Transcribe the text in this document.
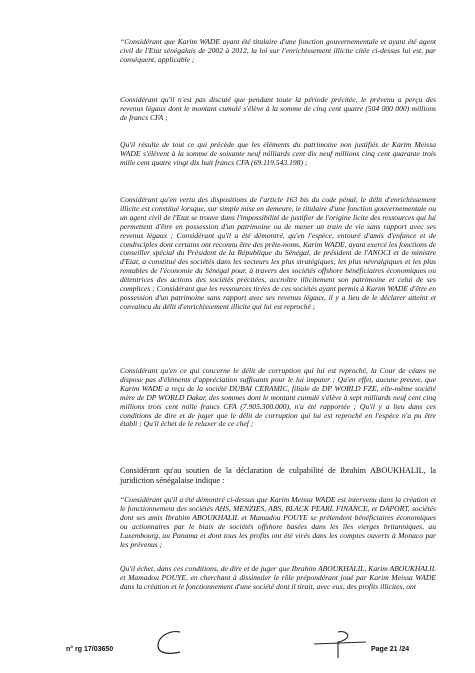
“Considérant que Karim WADE ayant été titulaire d'une fonction gouvernementale et ayant été agent civil de l'Etat sénégalais de 2002 à 2012, la loi sur l'enrichissement illicite citée ci-dessus lui est, par conséquent, applicable ;

Considérant qu'il n'est pas discuté que pendant toute la période précitée, le prévenu a perçu des revenus légaux dont le montant cumulé s'élève à la somme de cinq cent quatre (504 000 000) millions de francs CFA ;

Qu'il résulte de tout ce qui précède que les éléments du patrimoine non justifiés de Karim Meissa WADE s'élèvent à la somme de soixante neuf milliards cent dix neuf millions cinq cent quarante trois mille cent quatre vingt dix huit francs CFA (69.119.543.198) ;

Considérant qu'en vertu des dispositions de l'article 163 bis du code pénal, le délit d'enrichissement illicite est constitué lorsque, sur simple mise en demeure, le titulaire d'une fonction gouvernementale ou un agent civil de l'Etat se trouve dans l'impossibilité de justifier de l'origine licite des ressources qui lui permettent d'être en possession d'un patrimoine ou de mener un train de vie sans rapport avec ses revenus légaux ; Considérant qu'il a été démontré, qu'en l'espèce, entouré d'amis d'enfance et de condisciples dont certains ont reconnu être des prête-noms, Karim WADE, ayant exercé les fonctions de conseiller spécial du Président de la République du Sénégal, de président de l'ANOCI et de ministre d'Etat, a constitué des sociétés dans les secteurs les plus stratégiques, les plus névralgiques et les plus rentables de l'économie du Sénégal pour, à travers des sociétés offshore bénéficiaires économiques ou détentrices des actions des sociétés précitées, accroître illicitement son patrimoine et celui de ses complices ; Considérant que les ressources tirées de ces sociétés ayant permis à Karim WADE d'être en possession d'un patrimoine sans rapport avec ses revenus légaux, il y a lieu de le déclarer atteint et convaincu du délit d'enrichissement illicite qui lui est reproché ;

Considérant qu'en ce qui concerne le délit de corruption qui lui est reproché, la Cour de céans ne dispose pas d'éléments d'appréciation suffisants pour le lui imputer ; Qu'en effet, aucune preuve, que Karim WADE a reçu de la société DUBAI CERAMIC, filiale de DP WORLD FZE, elle-même société mère de DP WORLD Dakar, des sommes dont le montant cumulé s'élève à sept milliards neuf cent cinq millions trois cent mille francs CFA (7.905.300.000), n'a été rapportée ; Qu'il y a lieu dans ces conditions de dire et de juger que le délit de corruption qui lui est reproché en l'espèce n'a pu être établi ; Qu'il échet de le relaxer de ce chef ;

Considérant qu'au soutien de la déclaration de culpabilité de Ibrahim ABOUKHALIL, la juridiction sénégalaise indique :

“Considérant qu'il a été démontré ci-dessus que Karim Meissa WADE est intervenu dans la création et le fonctionnement des sociétés AHS, MENZIES, ABS, BLACK PEARL FINANCE, et DAPORT, sociétés dont ses amis Ibrahim ABOUKHALIL et Mamadou POUYE se prétendent bénéficiaires économiques ou actionnaires par le biais de sociétés offshore basées dans les îles vierges britanniques, au Luxembourg, au Panama et dont tous les profits ont été virés dans les comptes ouverts à Monaco par les prévenus ;

Qu'il échet, dans ces conditions, de dire et de juger que Ibrahim ABOUKHALIL, Karim ABOUKHALIL et Mamadou POUYE, en cherchant à dissimuler le rôle prépondérant joué par Karim Meissa WADE dans la création et le fonctionnement d'une société dont il tirait, avec eux, des profits illicites, ont

n° rg 17/03650	Page 21 /24
